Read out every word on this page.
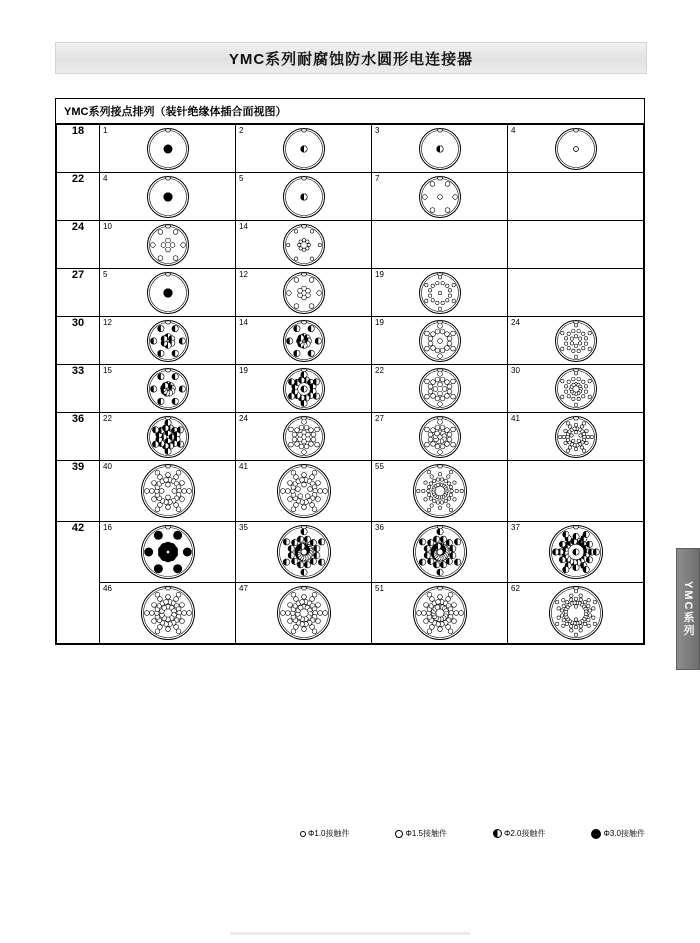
YMC系列耐腐蚀防水圆形电连接器
YMC系列
YMC系列接点排列（装针绝缘体插合面视图）
18	1	2	3	4

22	4	5	7

24	10	14

27	5	12	19

30	12	14	19	24

33	15	19	22	30

36	22	24	27	41

39	40	41	55

42	16	35	36	37

	46	47	51	62
Φ1.0接触件	Φ1.5接触件	Φ2.0接触件	Φ3.0接触件
